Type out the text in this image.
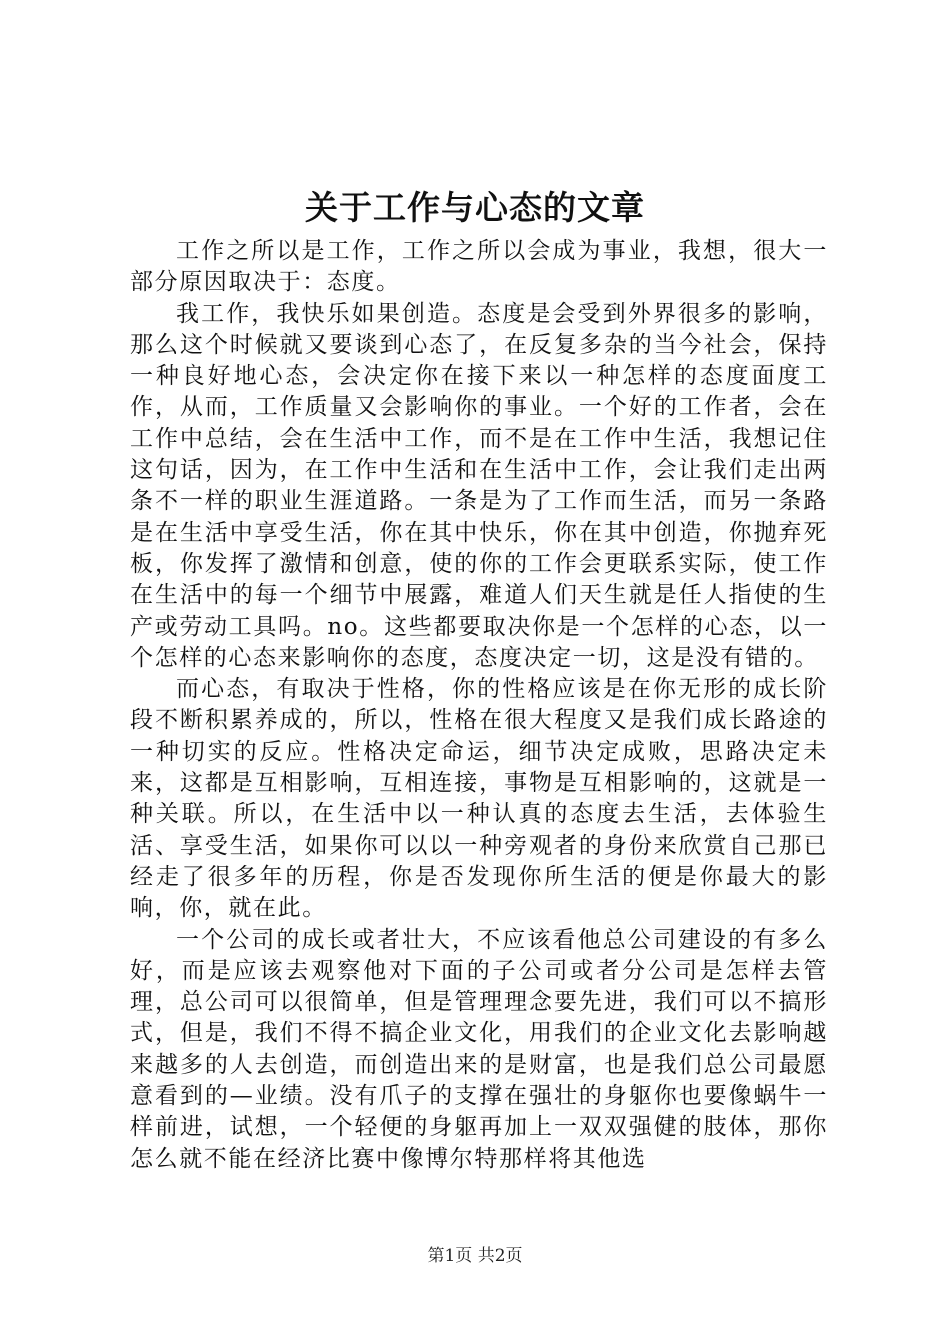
关于工作与心态的文章

工作之所以是工作，工作之所以会成为事业，我想，很大一部分原因取决于：态度。

我工作，我快乐如果创造。态度是会受到外界很多的影响，那么这个时候就又要谈到心态了，在反复多杂的当今社会，保持一种良好地心态，会决定你在接下来以一种怎样的态度面度工作，从而，工作质量又会影响你的事业。一个好的工作者，会在工作中总结，会在生活中工作，而不是在工作中生活，我想记住这句话，因为，在工作中生活和在生活中工作，会让我们走出两条不一样的职业生涯道路。一条是为了工作而生活，而另一条路是在生活中享受生活，你在其中快乐，你在其中创造，你抛弃死板，你发挥了激情和创意，使的你的工作会更联系实际，使工作在生活中的每一个细节中展露，难道人们天生就是任人指使的生产或劳动工具吗。no。这些都要取决你是一个怎样的心态，以一个怎样的心态来影响你的态度，态度决定一切，这是没有错的。

而心态，有取决于性格，你的性格应该是在你无形的成长阶段不断积累养成的，所以，性格在很大程度又是我们成长路途的一种切实的反应。性格决定命运，细节决定成败，思路决定未来，这都是互相影响，互相连接，事物是互相影响的，这就是一种关联。所以，在生活中以一种认真的态度去生活，去体验生活、享受生活，如果你可以以一种旁观者的身份来欣赏自己那已经走了很多年的历程，你是否发现你所生活的便是你最大的影响，你，就在此。

一个公司的成长或者壮大，不应该看他总公司建设的有多么好，而是应该去观察他对下面的子公司或者分公司是怎样去管理，总公司可以很简单，但是管理理念要先进，我们可以不搞形式，但是，我们不得不搞企业文化，用我们的企业文化去影响越来越多的人去创造，而创造出来的是财富，也是我们总公司最愿意看到的—业绩。没有爪子的支撑在强壮的身躯你也要像蜗牛一样前进，试想，一个轻便的身躯再加上一双双强健的肢体，那你怎么就不能在经济比赛中像博尔特那样将其他选

第1页 共2页
